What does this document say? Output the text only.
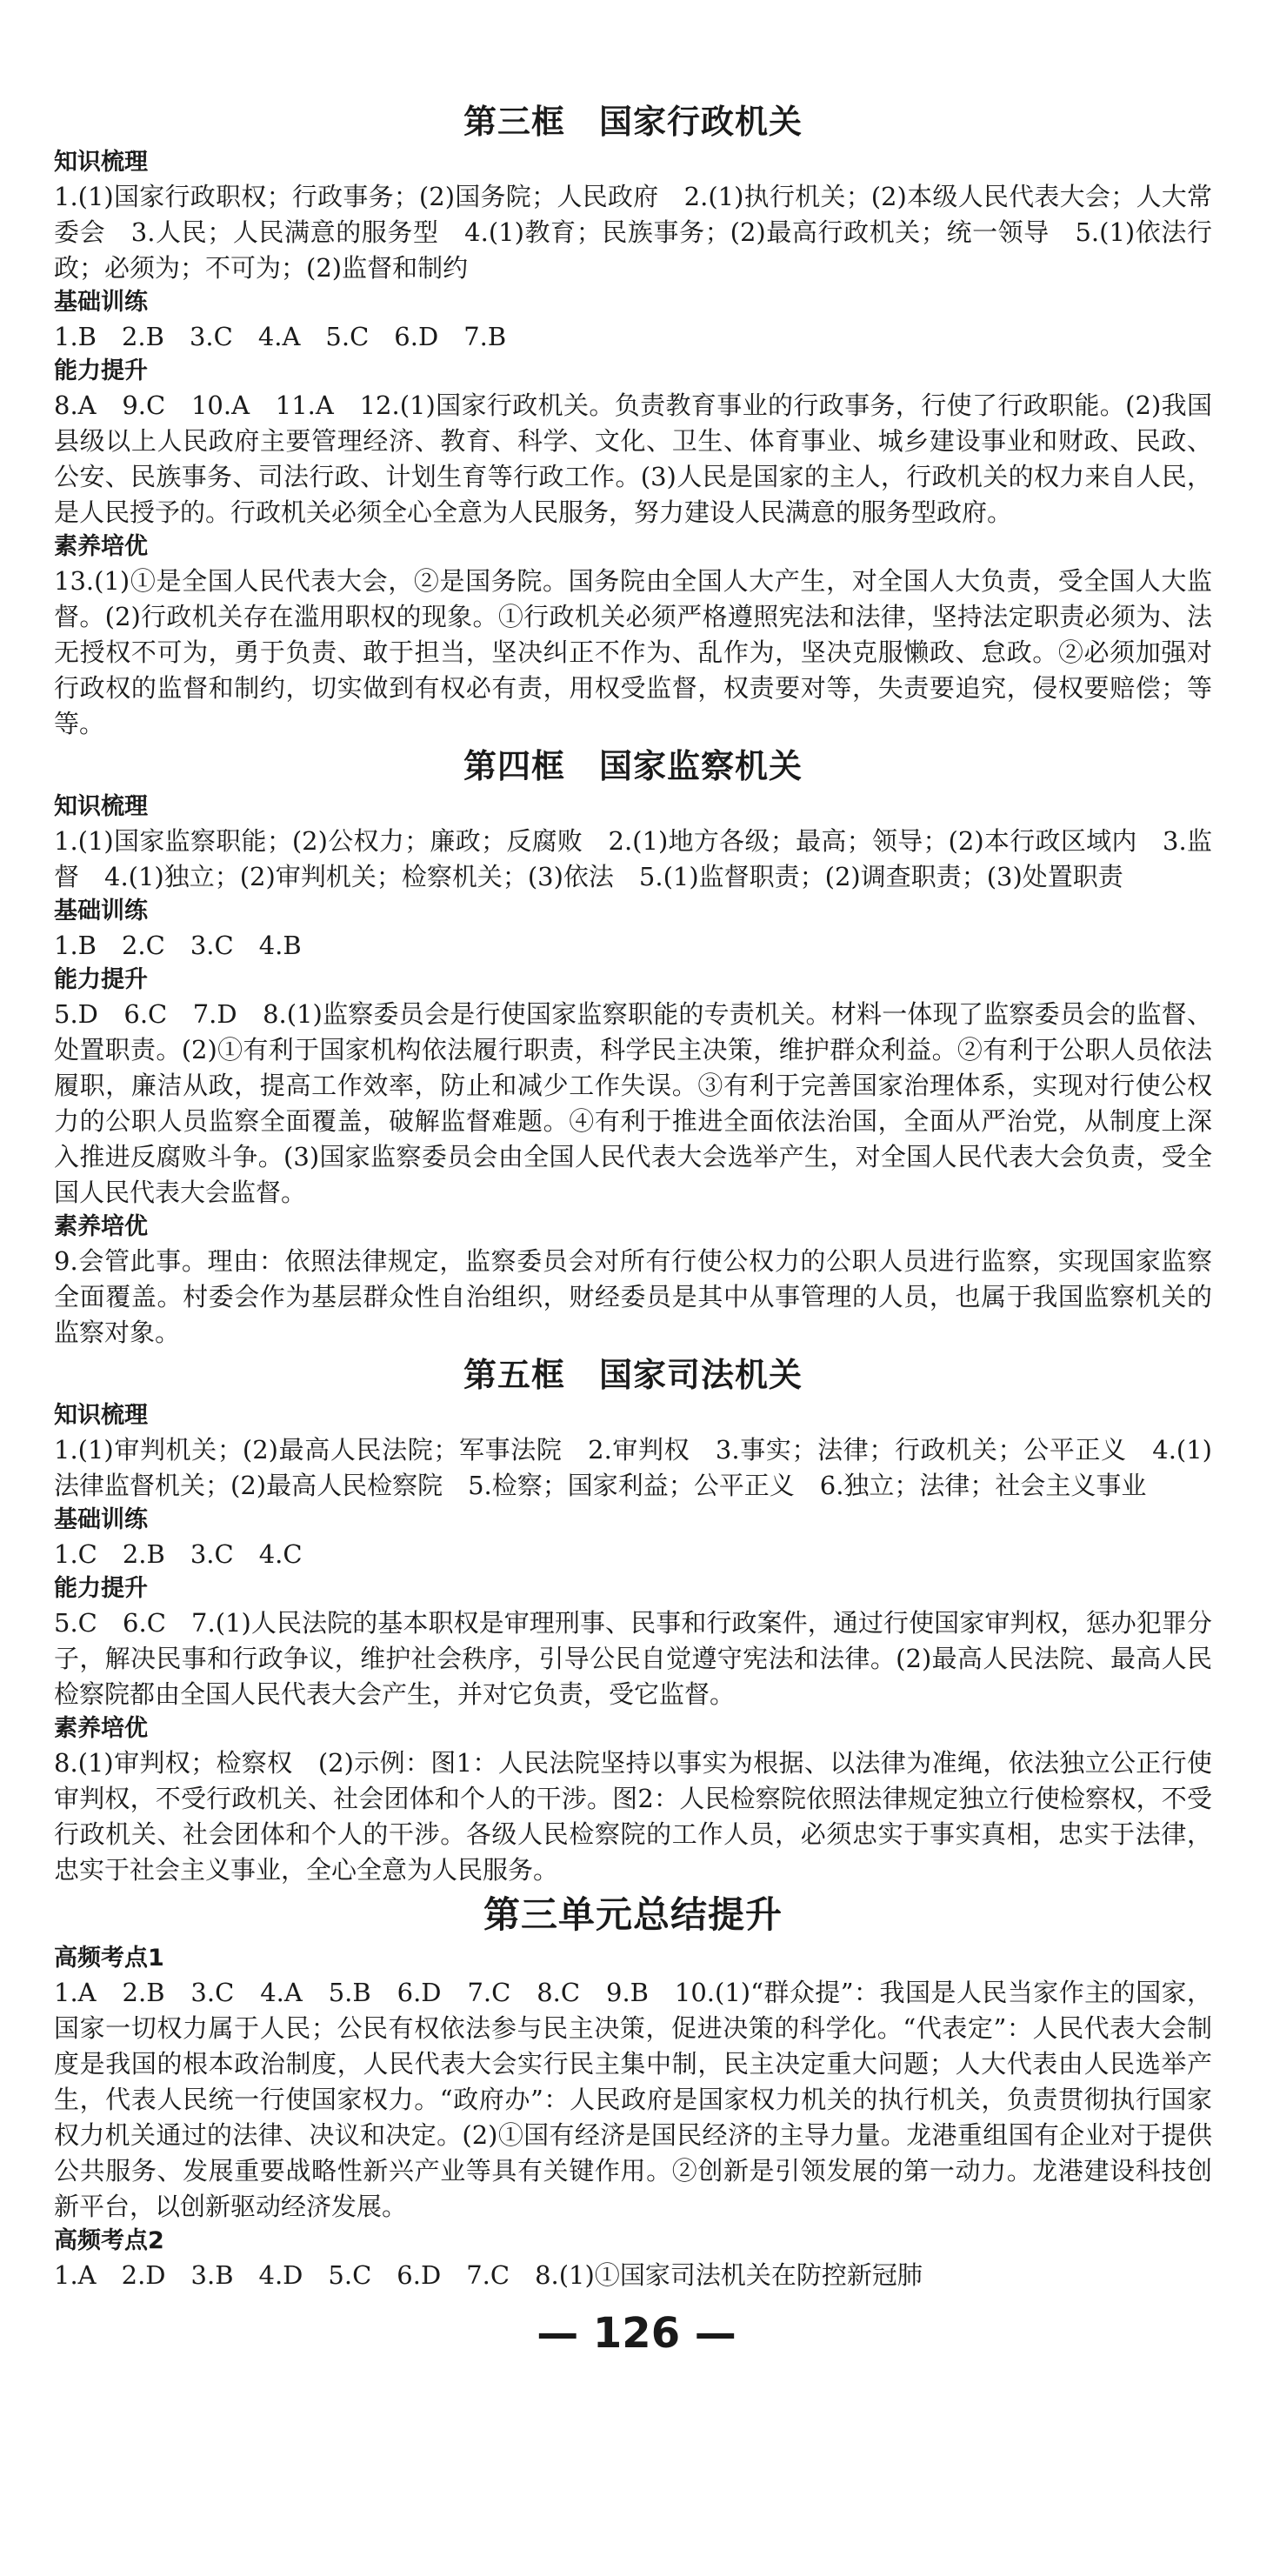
第三框　国家行政机关
知识梳理

1.(1)国家行政职权；行政事务；(2)国务院；人民政府　2.(1)执行机关；(2)本级人民代表大会；人大常委会　3.人民；人民满意的服务型　4.(1)教育；民族事务；(2)最高行政机关；统一领导　5.(1)依法行政；必须为；不可为；(2)监督和制约

基础训练

1.B　2.B　3.C　4.A　5.C　6.D　7.B

能力提升

8.A　9.C　10.A　11.A　12.(1)国家行政机关。负责教育事业的行政事务，行使了行政职能。(2)我国县级以上人民政府主要管理经济、教育、科学、文化、卫生、体育事业、城乡建设事业和财政、民政、公安、民族事务、司法行政、计划生育等行政工作。(3)人民是国家的主人，行政机关的权力来自人民，是人民授予的。行政机关必须全心全意为人民服务，努力建设人民满意的服务型政府。

素养培优

13.(1)①是全国人民代表大会，②是国务院。国务院由全国人大产生，对全国人大负责，受全国人大监督。(2)行政机关存在滥用职权的现象。①行政机关必须严格遵照宪法和法律，坚持法定职责必须为、法无授权不可为，勇于负责、敢于担当，坚决纠正不作为、乱作为，坚决克服懒政、怠政。②必须加强对行政权的监督和制约，切实做到有权必有责，用权受监督，权责要对等，失责要追究，侵权要赔偿；等等。

第四框　国家监察机关
知识梳理

1.(1)国家监察职能；(2)公权力；廉政；反腐败　2.(1)地方各级；最高；领导；(2)本行政区域内　3.监督　4.(1)独立；(2)审判机关；检察机关；(3)依法　5.(1)监督职责；(2)调查职责；(3)处置职责

基础训练

1.B　2.C　3.C　4.B

能力提升

5.D　6.C　7.D　8.(1)监察委员会是行使国家监察职能的专责机关。材料一体现了监察委员会的监督、处置职责。(2)①有利于国家机构依法履行职责，科学民主决策，维护群众利益。②有利于公职人员依法履职，廉洁从政，提高工作效率，防止和减少工作失误。③有利于完善国家治理体系，实现对行使公权力的公职人员监察全面覆盖，破解监督难题。④有利于推进全面依法治国，全面从严治党，从制度上深入推进反腐败斗争。(3)国家监察委员会由全国人民代表大会选举产生，对全国人民代表大会负责，受全国人民代表大会监督。

素养培优

9.会管此事。理由：依照法律规定，监察委员会对所有行使公权力的公职人员进行监察，实现国家监察全面覆盖。村委会作为基层群众性自治组织，财经委员是其中从事管理的人员，也属于我国监察机关的监察对象。

第五框　国家司法机关
知识梳理

1.(1)审判机关；(2)最高人民法院；军事法院　2.审判权　3.事实；法律；行政机关；公平正义　4.(1)法律监督机关；(2)最高人民检察院　5.检察；国家利益；公平正义　6.独立；法律；社会主义事业

基础训练

1.C　2.B　3.C　4.C

能力提升

5.C　6.C　7.(1)人民法院的基本职权是审理刑事、民事和行政案件，通过行使国家审判权，惩办犯罪分子，解决民事和行政争议，维护社会秩序，引导公民自觉遵守宪法和法律。(2)最高人民法院、最高人民检察院都由全国人民代表大会产生，并对它负责，受它监督。

素养培优

8.(1)审判权；检察权　(2)示例：图1：人民法院坚持以事实为根据、以法律为准绳，依法独立公正行使审判权，不受行政机关、社会团体和个人的干涉。图2：人民检察院依照法律规定独立行使检察权，不受行政机关、社会团体和个人的干涉。各级人民检察院的工作人员，必须忠实于事实真相，忠实于法律，忠实于社会主义事业，全心全意为人民服务。

第三单元总结提升
高频考点1

1.A　2.B　3.C　4.A　5.B　6.D　7.C　8.C　9.B　10.(1)“群众提”：我国是人民当家作主的国家，国家一切权力属于人民；公民有权依法参与民主决策，促进决策的科学化。“代表定”：人民代表大会制度是我国的根本政治制度，人民代表大会实行民主集中制，民主决定重大问题；人大代表由人民选举产生，代表人民统一行使国家权力。“政府办”：人民政府是国家权力机关的执行机关，负责贯彻执行国家权力机关通过的法律、决议和决定。(2)①国有经济是国民经济的主导力量。龙港重组国有企业对于提供公共服务、发展重要战略性新兴产业等具有关键作用。②创新是引领发展的第一动力。龙港建设科技创新平台，以创新驱动经济发展。

高频考点2

1.A　2.D　3.B　4.D　5.C　6.D　7.C　8.(1)①国家司法机关在防控新冠肺

— 126 —
